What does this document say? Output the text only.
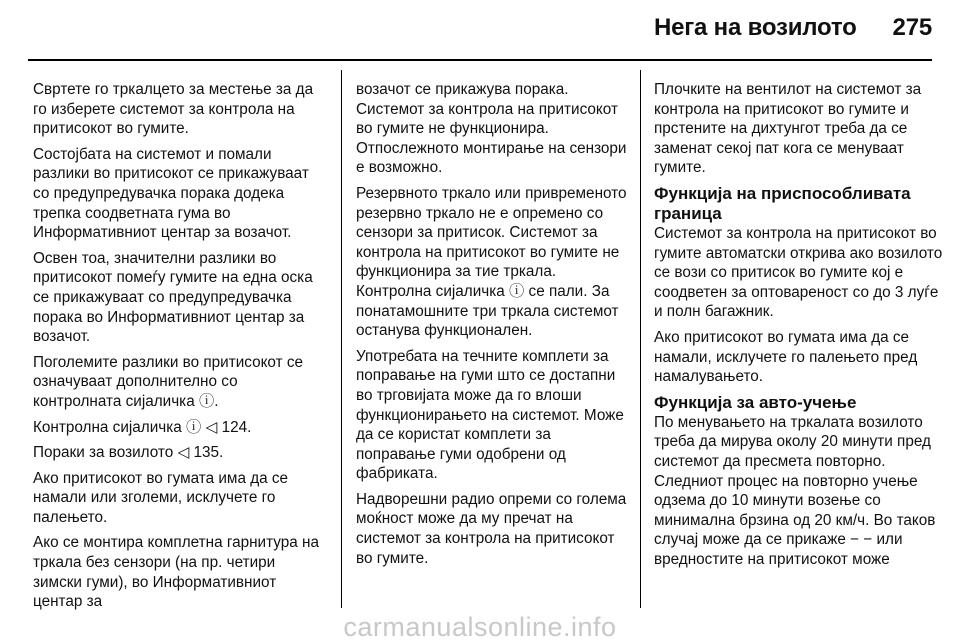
Нега на возилото 275

Свртете го тркалцето за местење за да го изберете системот за контрола на притисокот во гумите.

Состојбата на системот и помали разлики во притисокот се прикажуваат со предупредувачка порака додека трепка соодветната гума во Информативниот центар за возачот.

Освен тоа, значителни разлики во притисокот помеѓу гумите на една оска се прикажуваат со предупредувачка порака во Информативниот центар за возачот.

Поголемите разлики во притисокот се означуваат дополнително со контролната сијаличка ⓘ.

Контролна сијаличка ⓘ ◁ 124.

Пораки за возилото ◁ 135.

Ако притисокот во гумата има да се намали или зголеми, исклучете го палењето.

Ако се монтира комплетна гарнитура на тркала без сензори (на пр. четири зимски гуми), во Информативниот центар за

возачот се прикажува порака. Системот за контрола на притисокот во гумите не функционира. Отпослежното монтирање на сензори е возможно.

Резервното тркало или привременото резервно тркало не е опремено со сензори за притисок. Системот за контрола на притисокот во гумите не функционира за тие тркала. Контролна сијаличка ⓘ се пали. За понатамошните три тркала системот останува функционален.

Употребата на течните комплети за поправање на гуми што се достапни во трговијата може да го влоши функционирањето на системот. Може да се користат комплети за поправање гуми одобрени од фабриката.

Надворешни радио опреми со голема моќност може да му пречат на системот за контрола на притисокот во гумите.

Плочките на вентилот на системот за контрола на притисокот во гумите и прстените на дихтунгот треба да се заменат секој пат кога се менуваат гумите.

Функција на приспособливата граница

Системот за контрола на притисокот во гумите автоматски открива ако возилото се вози со притисок во гумите кој е соодветен за оптовареност со до 3 луѓе и полн багажник.

Ако притисокот во гумата има да се намали, исклучете го палењето пред намалувањето.

Функција за авто-учење

По менувањето на тркалата возилото треба да мирува околу 20 минути пред системот да пресмета повторно. Следниот процес на повторно учење одзема до 10 минути возење со минимална брзина од 20 км/ч. Во таков случај може да се прикаже − − или вредностите на притисокот може

carmanualsonline.info
